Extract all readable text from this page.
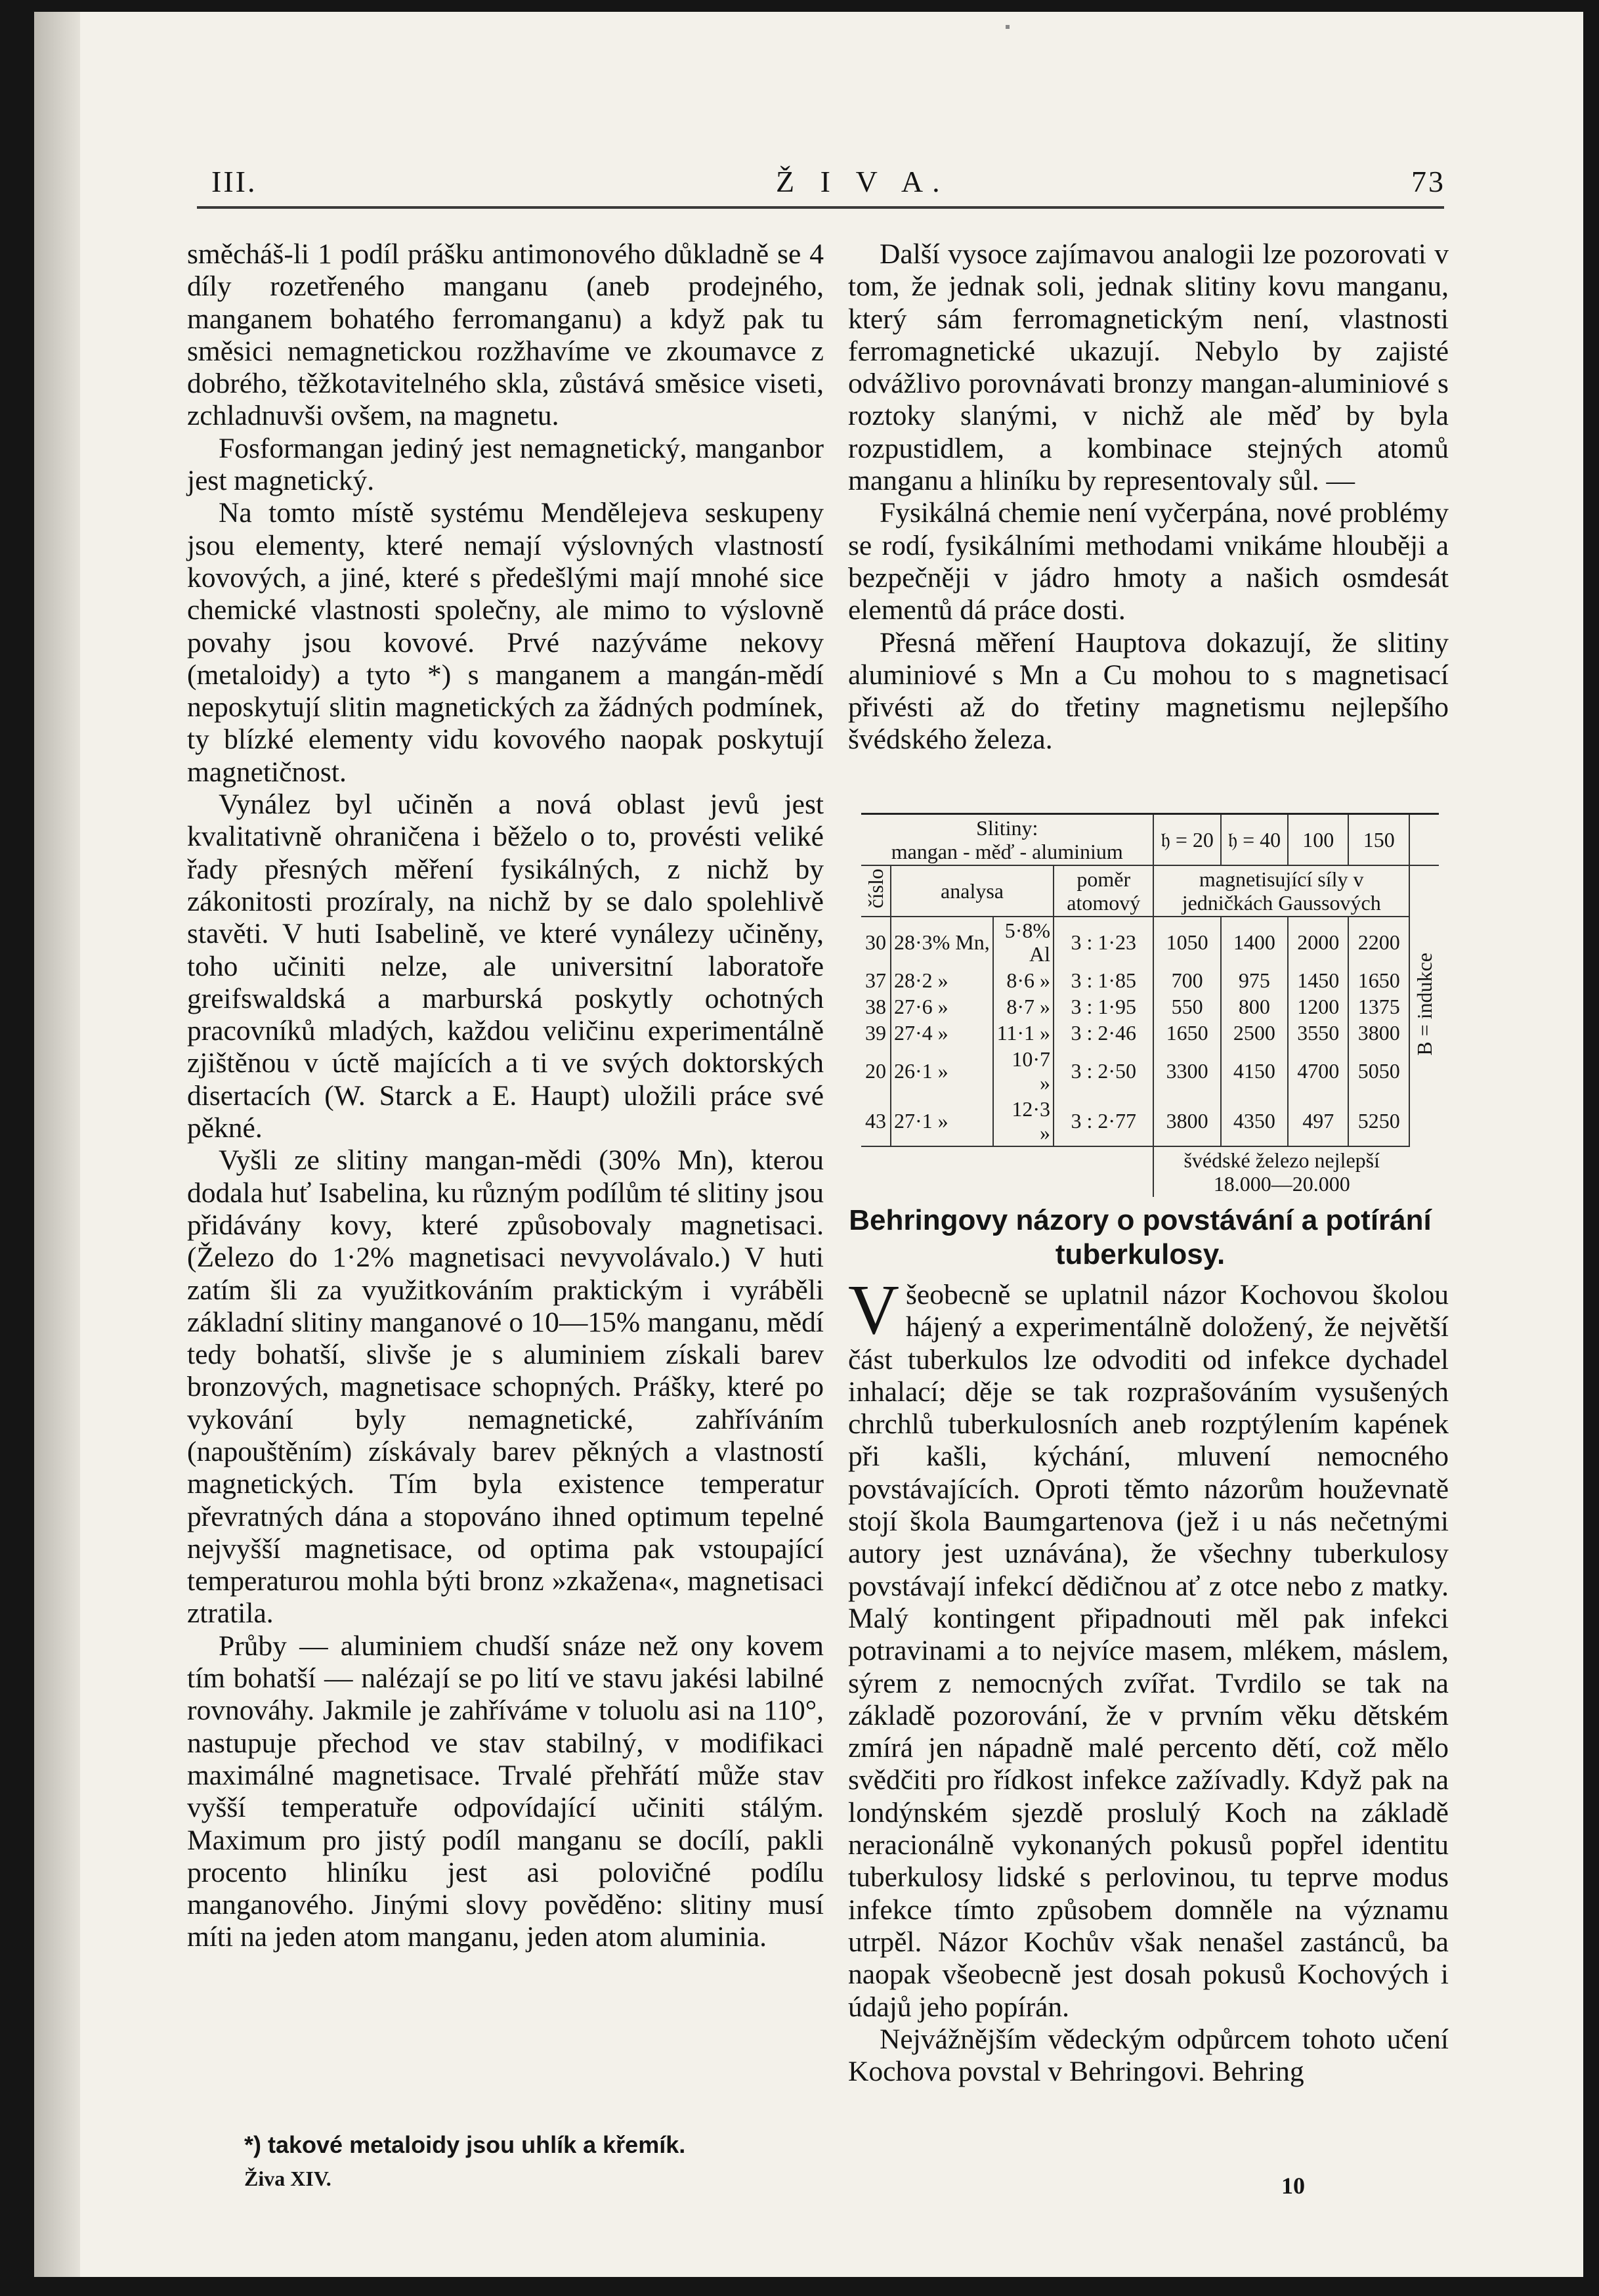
III.	Ž I V A.	73

směcháš-li 1 podíl prášku antimonového důkladně se 4 díly rozetřeného manganu (aneb prodejného, manganem bohatého ferromanganu) a když pak tu směsici nemagnetickou rozžhavíme ve zkoumavce z dobrého, těžkotavitelného skla, zůstává směsice viseti, zchladnuvši ovšem, na magnetu.

Fosformangan jediný jest nemagnetický, manganbor jest magnetický.

Na tomto místě systému Mendělejeva seskupeny jsou elementy, které nemají výslovných vlastností kovových, a jiné, které s předešlými mají mnohé sice chemické vlastnosti společny, ale mimo to výslovně povahy jsou kovové. Prvé nazýváme nekovy (metaloidy) a tyto *) s manganem a mangán-mědí neposkytují slitin magnetických za žádných podmínek, ty blízké elementy vidu kovového naopak poskytují magnetičnost.

Vynález byl učiněn a nová oblast jevů jest kvalitativně ohraničena i běželo o to, provésti veliké řady přesných měření fysikálných, z nichž by zákonitosti prozíraly, na nichž by se dalo spolehlivě stavěti. V huti Isabelině, ve které vynálezy učiněny, toho učiniti nelze, ale universitní laboratoře greifswaldská a marburská poskytly ochotných pracovníků mladých, každou veličinu experimentálně zjištěnou v úctě majících a ti ve svých doktorských disertacích (W. Starck a E. Haupt) uložili práce své pěkné.

Vyšli ze slitiny mangan-mědi (30% Mn), kterou dodala huť Isabelina, ku různým podílům té slitiny jsou přidávány kovy, které způsobovaly magnetisaci. (Železo do 1·2% magnetisaci nevyvolávalo.) V huti zatím šli za využitkováním praktickým i vyráběli základní slitiny manganové o 10—15% manganu, mědí tedy bohatší, slivše je s aluminiem získali barev bronzových, magnetisace schopných. Prášky, které po vykování byly nemagnetické, zahříváním (napouštěním) získávaly barev pěkných a vlastností magnetických. Tím byla existence temperatur převratných dána a stopováno ihned optimum tepelné nejvyšší magnetisace, od optima pak vstoupající temperaturou mohla býti bronz »zkažena«, magnetisaci ztratila.

Průby — aluminiem chudší snáze než ony kovem tím bohatší — nalézají se po lití ve stavu jakési labilné rovnováhy. Jakmile je zahříváme v toluolu asi na 110°, nastupuje přechod ve stav stabilný, v modifikaci maximálné magnetisace. Trvalé přehřátí může stav vyšší temperatuře odpovídající učiniti stálým. Maximum pro jistý podíl manganu se docílí, pakli procento hliníku jest asi polovičné podílu manganového. Jinými slovy pověděno: slitiny musí míti na jeden atom manganu, jeden atom aluminia.

*) takové metaloidy jsou uhlík a křemík.
Živa XIV.	10

Další vysoce zajímavou analogii lze pozorovati v tom, že jednak soli, jednak slitiny kovu manganu, který sám ferromagnetickým není, vlastnosti ferromagnetické ukazují. Nebylo by zajisté odvážlivo porovnávati bronzy mangan-aluminiové s roztoky slanými, v nichž ale měď by byla rozpustidlem, a kombinace stejných atomů manganu a hliníku by representovaly sůl. —

Fysikálná chemie není vyčerpána, nové problémy se rodí, fysikálními methodami vnikáme hlouběji a bezpečněji v jádro hmoty a našich osmdesát elementů dá práce dosti.

Přesná měření Hauptova dokazují, že slitiny aluminiové s Mn a Cu mohou to s magnetisací přivésti až do třetiny magnetismu nejlepšího švédského železa.

Slitiny:
mangan - měď - aluminium				𝔥 = 20	𝔥 = 40	100	150	
číslo	analysa		poměr atomový	magnetisující síly v jedničkách Gaussových				B = indukce
30	28·3% Mn,	5·8% Al	3 : 1·23	1050	1400	2000	2200	
37	28·2 »	8·6 »	3 : 1·85	700	975	1450	1650	
38	27·6 »	8·7 »	3 : 1·95	550	800	1200	1375	
39	27·4 »	11·1 »	3 : 2·46	1650	2500	3550	3800	
20	26·1 »	10·7 »	3 : 2·50	3300	4150	4700	5050	
43	27·1 »	12·3 »	3 : 2·77	3800	4350	497	5250	
				švédské železo nejlepší 18.000—20.000				
Behringovy názory o povstávání a potírání tuberkulosy.

Všeobecně se uplatnil názor Kochovou školou hájený a experimentálně doložený, že největší část tuberkulos lze odvoditi od infekce dychadel inhalací; děje se tak rozprašováním vysušených chrchlů tuberkulosních aneb rozptýlením kapének při kašli, kýchání, mluvení nemocného povstávajících. Oproti těmto názorům houževnatě stojí škola Baumgartenova (jež i u nás nečetnými autory jest uznávána), že všechny tuberkulosy povstávají infekcí dědičnou ať z otce nebo z matky. Malý kontingent připadnouti měl pak infekci potravinami a to nejvíce masem, mlékem, máslem, sýrem z nemocných zvířat. Tvrdilo se tak na základě pozorování, že v prvním věku dětském zmírá jen nápadně malé percento dětí, což mělo svědčiti pro řídkost infekce zažívadly. Když pak na londýnském sjezdě proslulý Koch na základě neracionálně vykonaných pokusů popřel identitu tuberkulosy lidské s perlovinou, tu teprve modus infekce tímto způsobem domněle na významu utrpěl. Názor Kochův však nenašel zastánců, ba naopak všeobecně jest dosah pokusů Kochových i údajů jeho popírán.

Nejvážnějším vědeckým odpůrcem tohoto učení Kochova povstal v Behringovi. Behring
